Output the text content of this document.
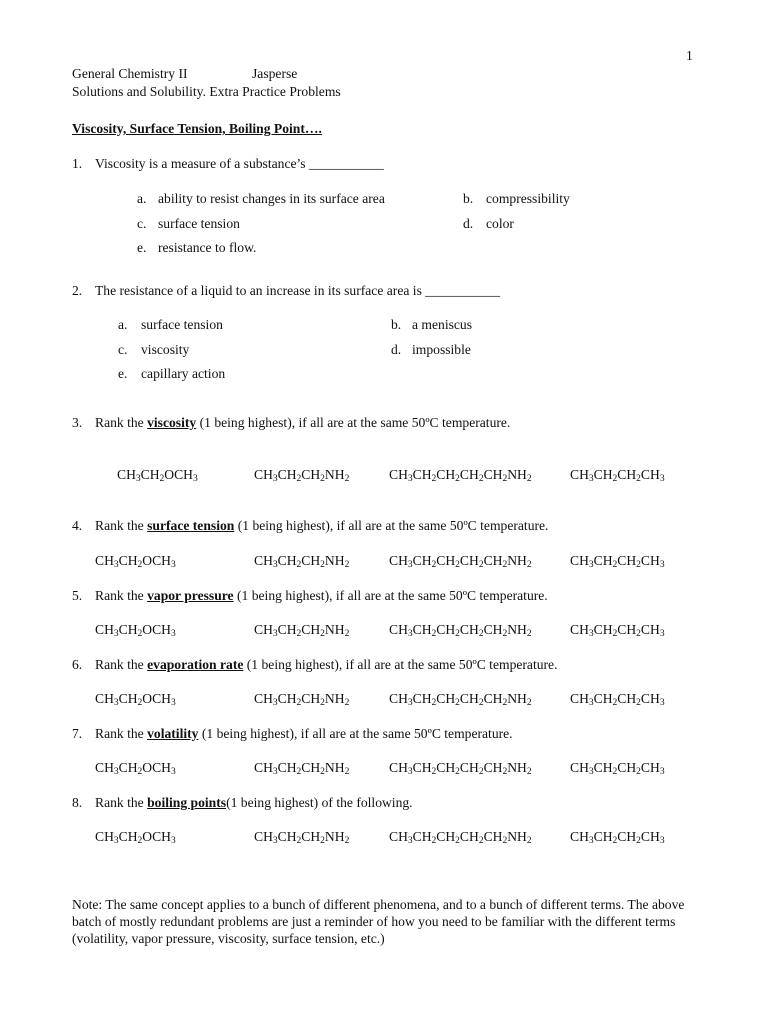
1
General Chemistry II	Jasperse
Solutions and Solubility. Extra Practice Problems
Viscosity, Surface Tension, Boiling Point….
1. Viscosity is a measure of a substance’s ___________
a. ability to resist changes in its surface area	b. compressibility
c. surface tension	d. color
e. resistance to flow.
2. The resistance of a liquid to an increase in its surface area is ___________
a. surface tension	b. a meniscus
c. viscosity	d. impossible
e. capillary action
3. Rank the viscosity (1 being highest), if all are at the same 50ºC temperature.
$CH_3CH_2OCH_3$	$CH_3CH_2CH_2NH_2$	$CH_3CH_2CH_2CH_2CH_2NH_2$	$CH_3CH_2CH_2CH_3$
4. Rank the surface tension (1 being highest), if all are at the same 50ºC temperature.
$CH_3CH_2OCH_3$	$CH_3CH_2CH_2NH_2$	$CH_3CH_2CH_2CH_2CH_2NH_2$	$CH_3CH_2CH_2CH_3$
5. Rank the vapor pressure (1 being highest), if all are at the same 50ºC temperature.
$CH_3CH_2OCH_3$	$CH_3CH_2CH_2NH_2$	$CH_3CH_2CH_2CH_2CH_2NH_2$	$CH_3CH_2CH_2CH_3$
6. Rank the evaporation rate (1 being highest), if all are at the same 50ºC temperature.
$CH_3CH_2OCH_3$	$CH_3CH_2CH_2NH_2$	$CH_3CH_2CH_2CH_2CH_2NH_2$	$CH_3CH_2CH_2CH_3$
7. Rank the volatility (1 being highest), if all are at the same 50ºC temperature.
$CH_3CH_2OCH_3$	$CH_3CH_2CH_2NH_2$	$CH_3CH_2CH_2CH_2CH_2NH_2$	$CH_3CH_2CH_2CH_3$
8. Rank the boiling points(1 being highest) of the following.
$CH_3CH_2OCH_3$	$CH_3CH_2CH_2NH_2$	$CH_3CH_2CH_2CH_2CH_2NH_2$	$CH_3CH_2CH_2CH_3$
Note: The same concept applies to a bunch of different phenomena, and to a bunch of different terms. The above batch of mostly redundant problems are just a reminder of how you need to be familiar with the different terms (volatility, vapor pressure, viscosity, surface tension, etc.)
